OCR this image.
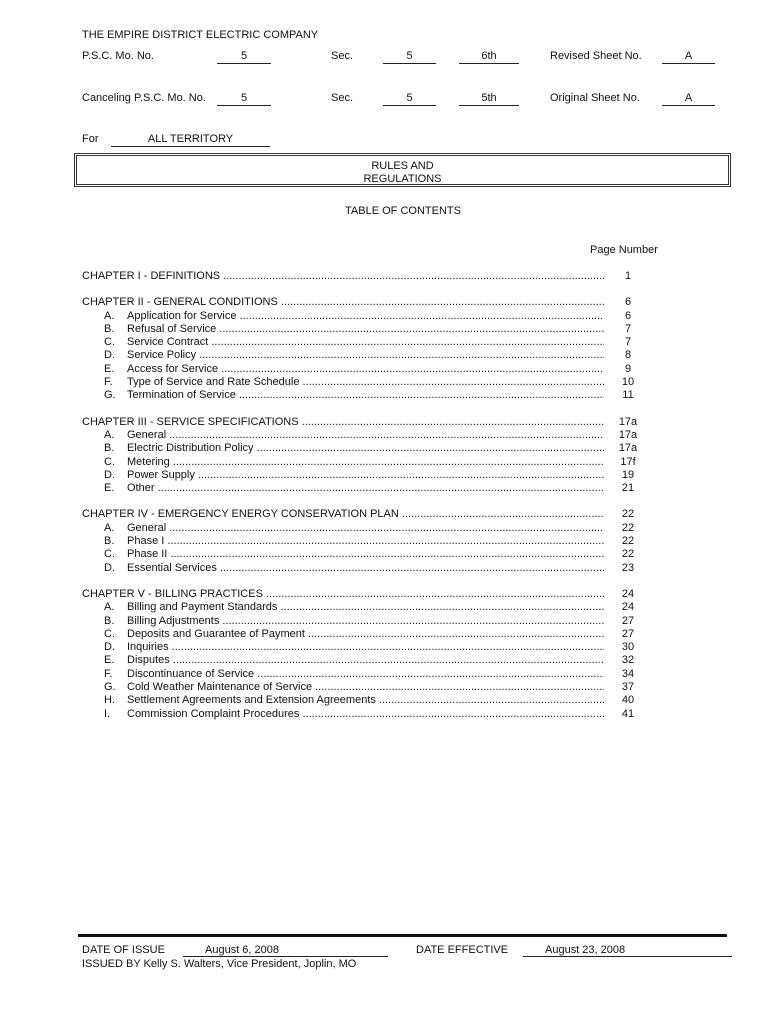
THE EMPIRE DISTRICT ELECTRIC COMPANY
P.S.C. Mo. No.	5	Sec.	5	6th	Revised Sheet No.	A
Canceling P.S.C. Mo. No.	5	Sec.	5	5th	Original Sheet No.	A
For	ALL TERRITORY
RULES AND
REGULATIONS
TABLE OF CONTENTS
Page Number
CHAPTER I - DEFINITIONS .....	1
CHAPTER II - GENERAL CONDITIONS .....	6
A. Application for Service .....	6
B. Refusal of Service .....	7
C. Service Contract .....	7
D. Service Policy .....	8
E. Access for Service .....	9
F. Type of Service and Rate Schedule .....	10
G. Termination of Service .....	11
CHAPTER III - SERVICE SPECIFICATIONS .....	17a
A. General .....	17a
B. Electric Distribution Policy .....	17a
C. Metering .....	17f
D. Power Supply .....	19
E. Other .....	21
CHAPTER IV - EMERGENCY ENERGY CONSERVATION PLAN .....	22
A. General .....	22
B. Phase I .....	22
C. Phase II .....	22
D. Essential Services .....	23
CHAPTER V - BILLING PRACTICES .....	24
A. Billing and Payment Standards .....	24
B. Billing Adjustments .....	27
C. Deposits and Guarantee of Payment .....	27
D. Inquiries .....	30
E. Disputes .....	32
F. Discontinuance of Service .....	34
G. Cold Weather Maintenance of Service .....	37
H. Settlement Agreements and Extension Agreements .....	40
I. Commission Complaint Procedures .....	41
DATE OF ISSUE	August 6, 2008	DATE EFFECTIVE	August 23, 2008
ISSUED BY Kelly S. Walters, Vice President, Joplin, MO
